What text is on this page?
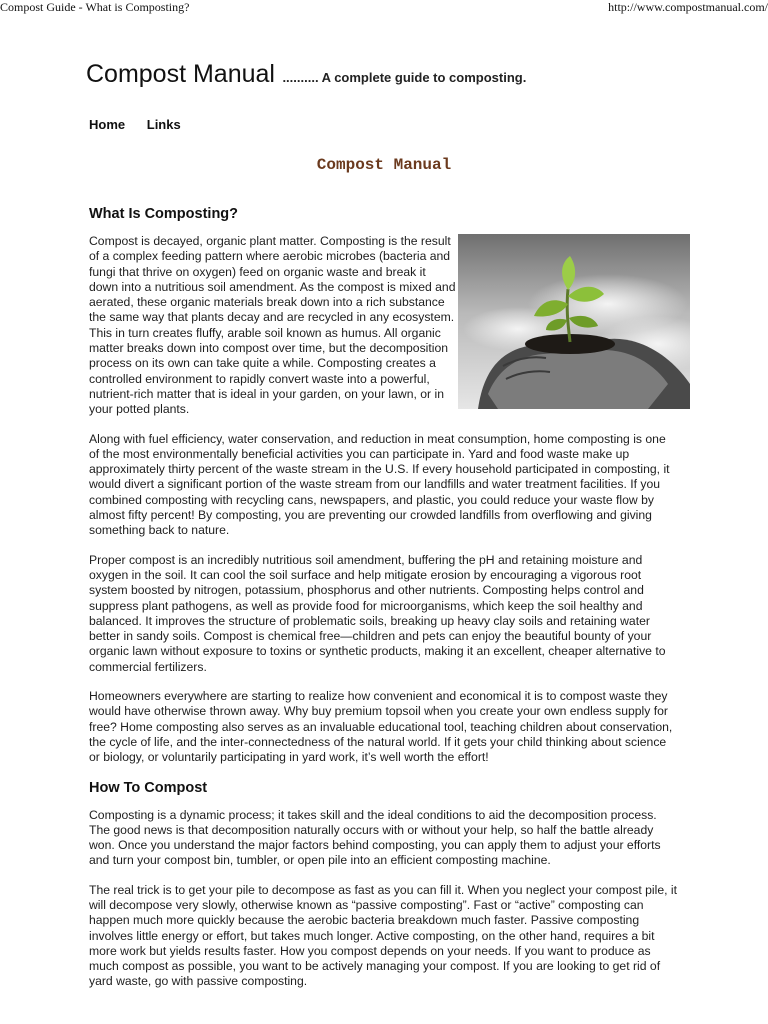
Compost Guide - What is Composting?	http://www.compostmanual.com/
Compost Manual .......... A complete guide to composting.
Home Links
Compost Manual
What Is Composting?

Compost is decayed, organic plant matter. Composting is the result of a complex feeding pattern where aerobic microbes (bacteria and fungi that thrive on oxygen) feed on organic waste and break it down into a nutritious soil amendment. As the compost is mixed and aerated, these organic materials break down into a rich substance the same way that plants decay and are recycled in any ecosystem. This in turn creates fluffy, arable soil known as humus. All organic matter breaks down into compost over time, but the decomposition process on its own can take quite a while. Composting creates a controlled environment to rapidly convert waste into a powerful, nutrient-rich matter that is ideal in your garden, on your lawn, or in your potted plants.

Along with fuel efficiency, water conservation, and reduction in meat consumption, home composting is one of the most environmentally beneficial activities you can participate in. Yard and food waste make up approximately thirty percent of the waste stream in the U.S. If every household participated in composting, it would divert a significant portion of the waste stream from our landfills and water treatment facilities. If you combined composting with recycling cans, newspapers, and plastic, you could reduce your waste flow by almost fifty percent! By composting, you are preventing our crowded landfills from overflowing and giving something back to nature.

Proper compost is an incredibly nutritious soil amendment, buffering the pH and retaining moisture and oxygen in the soil. It can cool the soil surface and help mitigate erosion by encouraging a vigorous root system boosted by nitrogen, potassium, phosphorus and other nutrients. Composting helps control and suppress plant pathogens, as well as provide food for microorganisms, which keep the soil healthy and balanced. It improves the structure of problematic soils, breaking up heavy clay soils and retaining water better in sandy soils. Compost is chemical free—children and pets can enjoy the beautiful bounty of your organic lawn without exposure to toxins or synthetic products, making it an excellent, cheaper alternative to commercial fertilizers.

Homeowners everywhere are starting to realize how convenient and economical it is to compost waste they would have otherwise thrown away. Why buy premium topsoil when you create your own endless supply for free? Home composting also serves as an invaluable educational tool, teaching children about conservation, the cycle of life, and the inter-connectedness of the natural world. If it gets your child thinking about science or biology, or voluntarily participating in yard work, it’s well worth the effort!

How To Compost

Composting is a dynamic process; it takes skill and the ideal conditions to aid the decomposition process. The good news is that decomposition naturally occurs with or without your help, so half the battle already won. Once you understand the major factors behind composting, you can apply them to adjust your efforts and turn your compost bin, tumbler, or open pile into an efficient composting machine.

The real trick is to get your pile to decompose as fast as you can fill it. When you neglect your compost pile, it will decompose very slowly, otherwise known as “passive composting”. Fast or “active” composting can happen much more quickly because the aerobic bacteria breakdown much faster. Passive composting involves little energy or effort, but takes much longer. Active composting, on the other hand, requires a bit more work but yields results faster. How you compost depends on your needs. If you want to produce as much compost as possible, you want to be actively managing your compost. If you are looking to get rid of yard waste, go with passive composting.
